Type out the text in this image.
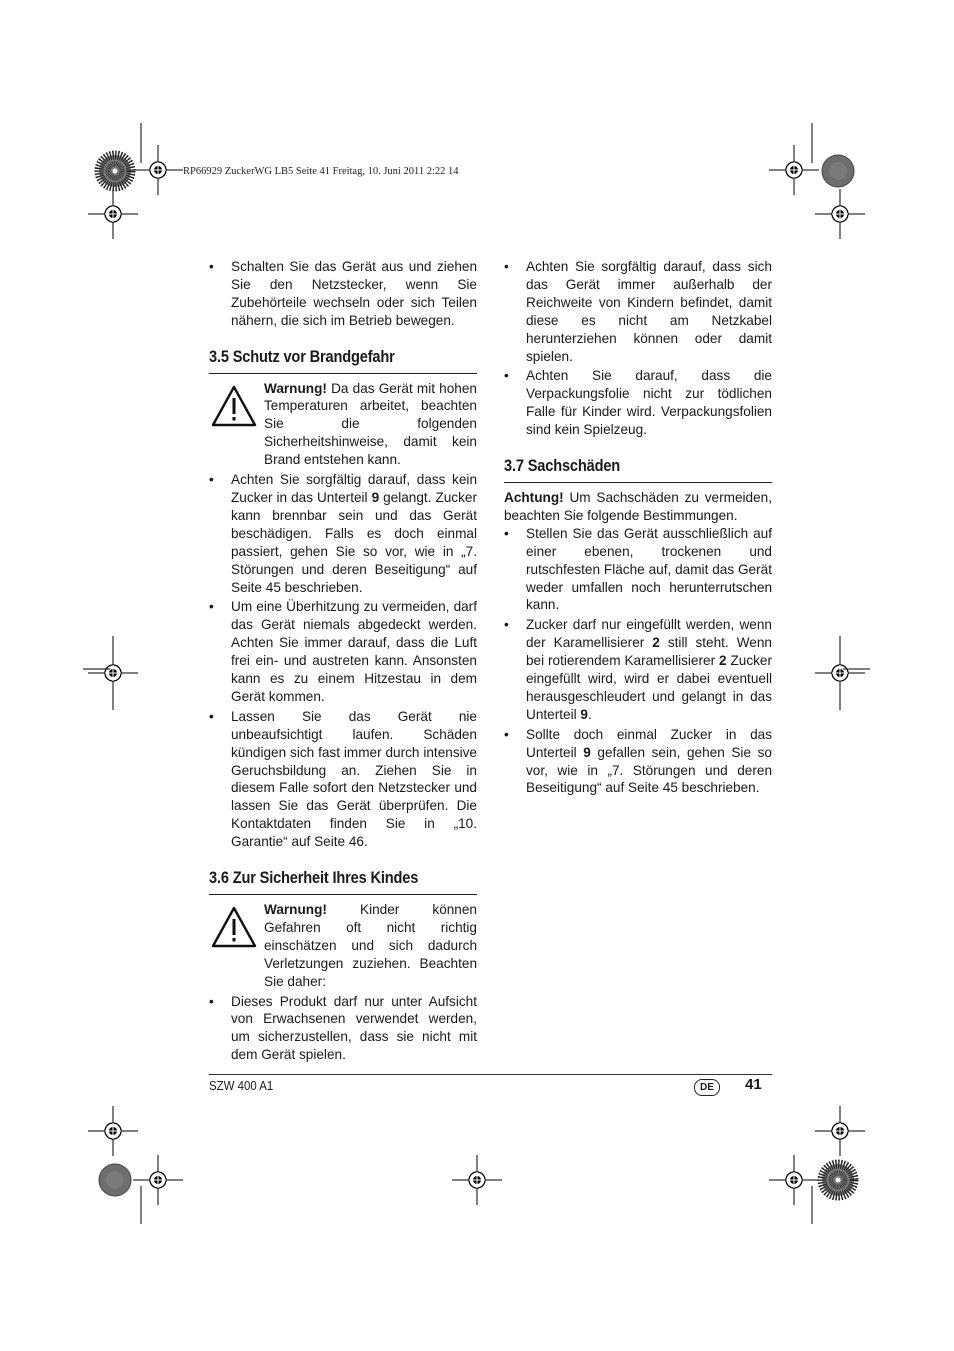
RP66929 ZuckerWG LB5 Seite 41 Freitag, 10. Juni 2011 2:22 14
• Schalten Sie das Gerät aus und ziehen Sie den Netzstecker, wenn Sie Zubehörteile wechseln oder sich Teilen nähern, die sich im Betrieb bewegen.
3.5 Schutz vor Brandgefahr
Warnung! Da das Gerät mit hohen Temperaturen arbeitet, beachten Sie die folgenden Sicherheitshinweise, damit kein Brand entstehen kann.
• Achten Sie sorgfältig darauf, dass kein Zucker in das Unterteil 9 gelangt. Zucker kann brennbar sein und das Gerät beschädigen. Falls es doch einmal passiert, gehen Sie so vor, wie in „7. Störungen und deren Beseitigung“ auf Seite 45 beschrieben.
• Um eine Überhitzung zu vermeiden, darf das Gerät niemals abgedeckt werden. Achten Sie immer darauf, dass die Luft frei ein- und austreten kann. Ansonsten kann es zu einem Hitzestau in dem Gerät kommen.
• Lassen Sie das Gerät nie unbeaufsichtigt laufen. Schäden kündigen sich fast immer durch intensive Geruchsbildung an. Ziehen Sie in diesem Falle sofort den Netzstecker und lassen Sie das Gerät überprüfen. Die Kontaktdaten finden Sie in „10. Garantie“ auf Seite 46.
3.6 Zur Sicherheit Ihres Kindes
Warnung! Kinder können Gefahren oft nicht richtig einschätzen und sich dadurch Verletzungen zuziehen. Beachten Sie daher:
• Dieses Produkt darf nur unter Aufsicht von Erwachsenen verwendet werden, um sicherzustellen, dass sie nicht mit dem Gerät spielen.
• Achten Sie sorgfältig darauf, dass sich das Gerät immer außerhalb der Reichweite von Kindern befindet, damit diese es nicht am Netzkabel herunterziehen können oder damit spielen.
• Achten Sie darauf, dass die Verpackungsfolie nicht zur tödlichen Falle für Kinder wird. Verpackungsfolien sind kein Spielzeug.
3.7 Sachschäden

Achtung! Um Sachschäden zu vermeiden, beachten Sie folgende Bestimmungen.

• Stellen Sie das Gerät ausschließlich auf einer ebenen, trockenen und rutschfesten Fläche auf, damit das Gerät weder umfallen noch herunterrutschen kann.
• Zucker darf nur eingefüllt werden, wenn der Karamellisierer 2 still steht. Wenn bei rotierendem Karamellisierer 2 Zucker eingefüllt wird, wird er dabei eventuell herausgeschleudert und gelangt in das Unterteil 9.
• Sollte doch einmal Zucker in das Unterteil 9 gefallen sein, gehen Sie so vor, wie in „7. Störungen und deren Beseitigung“ auf Seite 45 beschrieben.
SZW 400 A1	DE	41
